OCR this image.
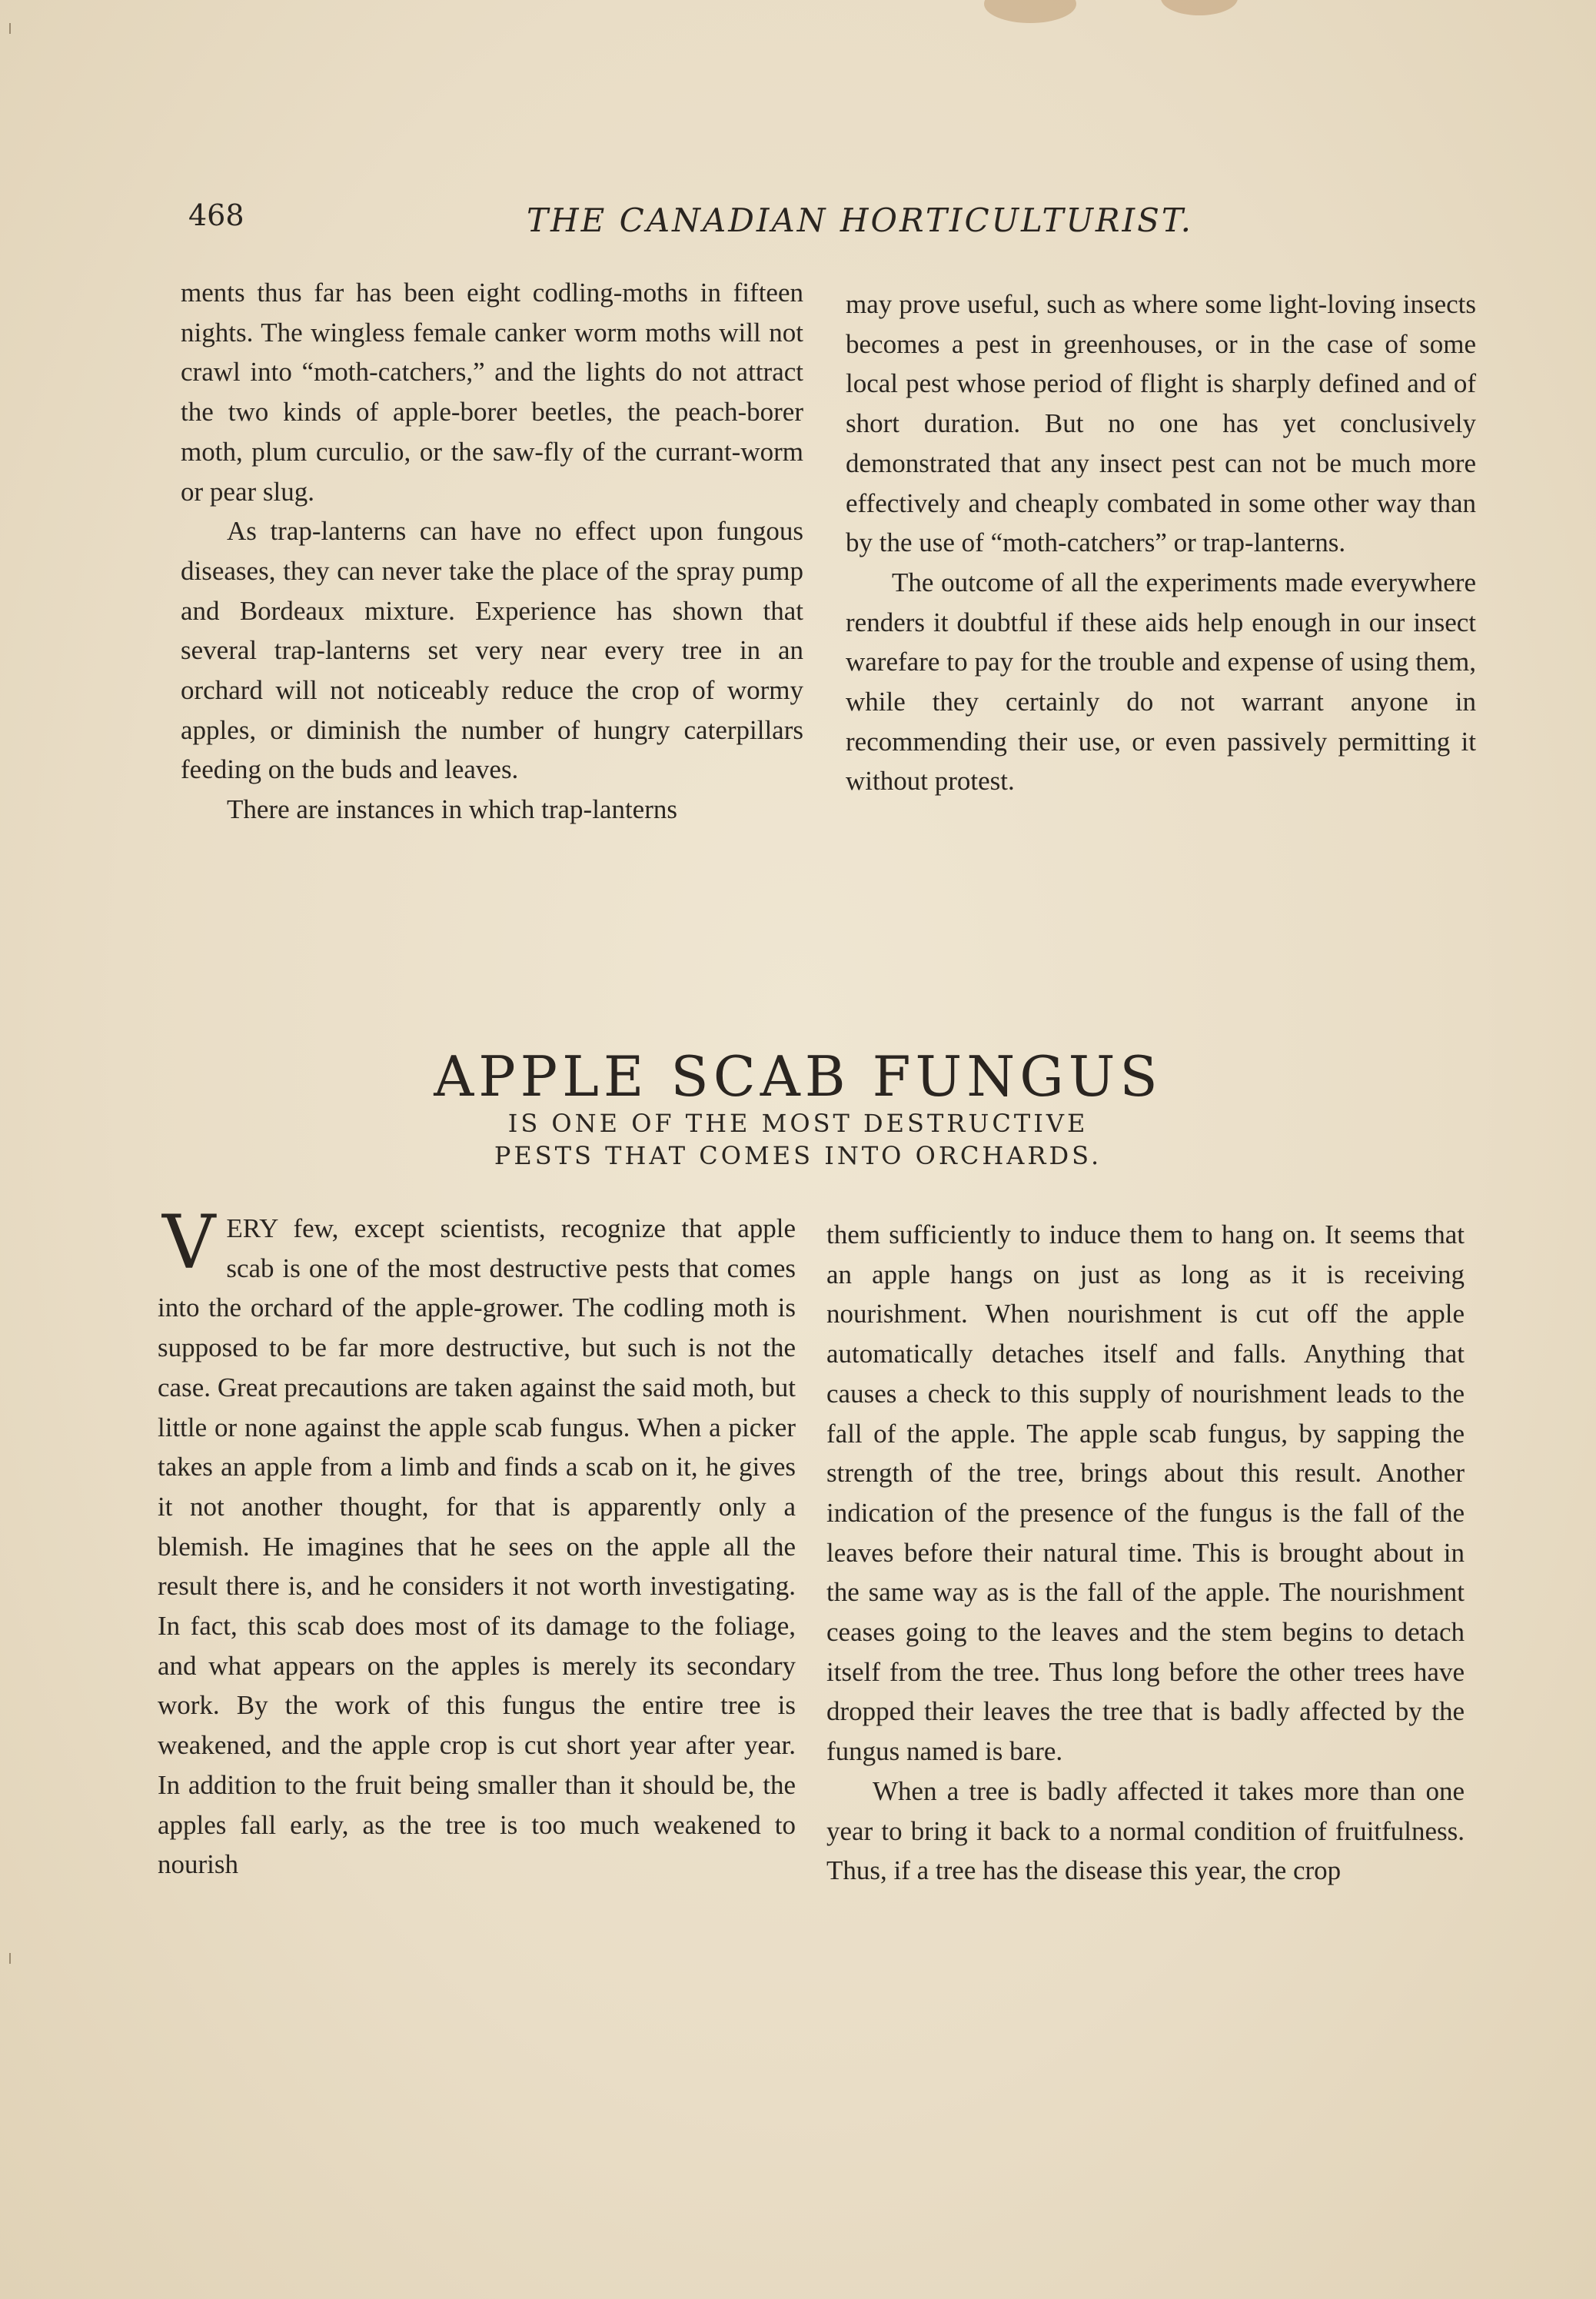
468	THE CANADIAN HORTICULTURIST.

ments thus far has been eight codling-moths in fifteen nights. The wingless female canker worm moths will not crawl into “moth-catchers,” and the lights do not attract the two kinds of apple-borer beetles, the peach-borer moth, plum curculio, or the saw-fly of the currant-worm or pear slug.

As trap-lanterns can have no effect upon fungous diseases, they can never take the place of the spray pump and Bordeaux mixture. Experience has shown that several trap-lanterns set very near every tree in an orchard will not noticeably reduce the crop of wormy apples, or diminish the number of hungry caterpillars feeding on the buds and leaves.

There are instances in which trap-lanterns

may prove useful, such as where some light-loving insects becomes a pest in greenhouses, or in the case of some local pest whose period of flight is sharply defined and of short duration. But no one has yet conclusively demonstrated that any insect pest can not be much more effectively and cheaply combated in some other way than by the use of “moth-catchers” or trap-lanterns.

The outcome of all the experiments made everywhere renders it doubtful if these aids help enough in our insect warefare to pay for the trouble and expense of using them, while they certainly do not warrant anyone in recommending their use, or even passively permitting it without protest.

APPLE SCAB FUNGUS
IS ONE OF THE MOST DESTRUCTIVE
PESTS THAT COMES INTO ORCHARDS.

VERY few, except scientists, recognize that apple scab is one of the most destructive pests that comes into the orchard of the apple-grower. The codling moth is supposed to be far more destructive, but such is not the case. Great precautions are taken against the said moth, but little or none against the apple scab fungus. When a picker takes an apple from a limb and finds a scab on it, he gives it not another thought, for that is apparently only a blemish. He imagines that he sees on the apple all the result there is, and he considers it not worth investigating. In fact, this scab does most of its damage to the foliage, and what appears on the apples is merely its secondary work. By the work of this fungus the entire tree is weakened, and the apple crop is cut short year after year. In addition to the fruit being smaller than it should be, the apples fall early, as the tree is too much weakened to nourish

them sufficiently to induce them to hang on. It seems that an apple hangs on just as long as it is receiving nourishment. When nourishment is cut off the apple automatically detaches itself and falls. Anything that causes a check to this supply of nourishment leads to the fall of the apple. The apple scab fungus, by sapping the strength of the tree, brings about this result. Another indication of the presence of the fungus is the fall of the leaves before their natural time. This is brought about in the same way as is the fall of the apple. The nourishment ceases going to the leaves and the stem begins to detach itself from the tree. Thus long before the other trees have dropped their leaves the tree that is badly affected by the fungus named is bare.

When a tree is badly affected it takes more than one year to bring it back to a normal condition of fruitfulness. Thus, if a tree has the disease this year, the crop
